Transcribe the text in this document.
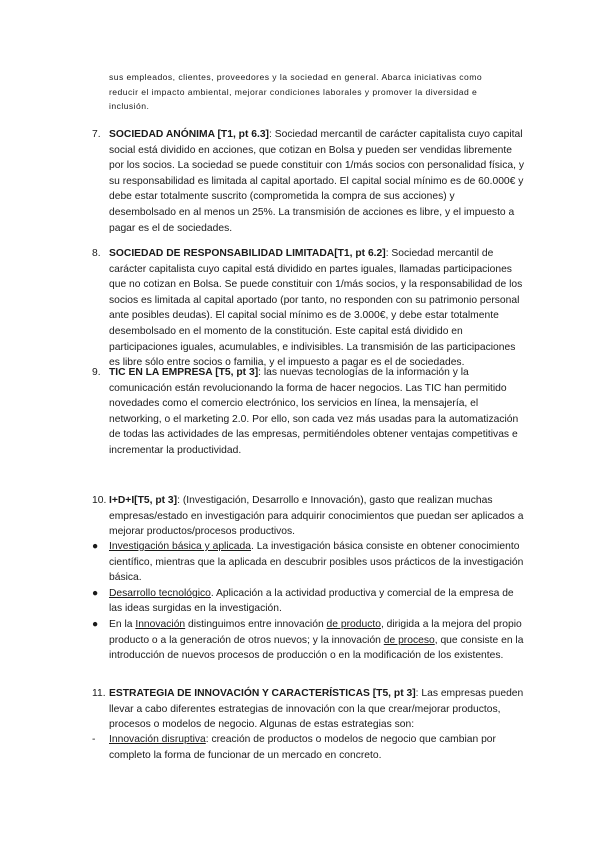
sus empleados, clientes, proveedores y la sociedad en general. Abarca iniciativas como
reducir el impacto ambiental, mejorar condiciones laborales y promover la diversidad e
inclusión.
7. SOCIEDAD ANÓNIMA [T1, pt 6.3]: Sociedad mercantil de carácter capitalista cuyo capital social está dividido en acciones, que cotizan en Bolsa y pueden ser vendidas libremente por los socios. La sociedad se puede constituir con 1/más socios con personalidad física, y su responsabilidad es limitada al capital aportado. El capital social mínimo es de 60.000€ y debe estar totalmente suscrito (comprometida la compra de sus acciones) y desembolsado en al menos un 25%. La transmisión de acciones es libre, y el impuesto a pagar es el de sociedades.
8. SOCIEDAD DE RESPONSABILIDAD LIMITADA[T1, pt 6.2]: Sociedad mercantil de carácter capitalista cuyo capital está dividido en partes iguales, llamadas participaciones que no cotizan en Bolsa. Se puede constituir con 1/más socios, y la responsabilidad de los socios es limitada al capital aportado (por tanto, no responden con su patrimonio personal ante posibles deudas). El capital social mínimo es de 3.000€, y debe estar totalmente desembolsado en el momento de la constitución. Este capital está dividido en participaciones iguales, acumulables, e indivisibles. La transmisión de las participaciones es libre sólo entre socios o familia, y el impuesto a pagar es el de sociedades.
9. TIC EN LA EMPRESA [T5, pt 3]: las nuevas tecnologías de la información y la comunicación están revolucionando la forma de hacer negocios. Las TIC han permitido novedades como el comercio electrónico, los servicios en línea, la mensajería, el networking, o el marketing 2.0. Por ello, son cada vez más usadas para la automatización de todas las actividades de las empresas, permitiéndoles obtener ventajas competitivas e incrementar la productividad.
10. I+D+I[T5, pt 3]: (Investigación, Desarrollo e Innovación), gasto que realizan muchas empresas/estado en investigación para adquirir conocimientos que puedan ser aplicados a mejorar productos/procesos productivos.
●	Investigación básica y aplicada. La investigación básica consiste en obtener conocimiento científico, mientras que la aplicada en descubrir posibles usos prácticos de la investigación básica.
●	Desarrollo tecnológico. Aplicación a la actividad productiva y comercial de la empresa de las ideas surgidas en la investigación.
●	En la Innovación distinguimos entre innovación de producto, dirigida a la mejora del propio producto o a la generación de otros nuevos; y la innovación de proceso, que consiste en la introducción de nuevos procesos de producción o en la modificación de los existentes.
11. ESTRATEGIA DE INNOVACIÓN Y CARACTERÍSTICAS [T5, pt 3]: Las empresas pueden llevar a cabo diferentes estrategias de innovación con la que crear/mejorar productos, procesos o modelos de negocio. Algunas de estas estrategias son:
-	Innovación disruptiva: creación de productos o modelos de negocio que cambian por completo la forma de funcionar de un mercado en concreto.
